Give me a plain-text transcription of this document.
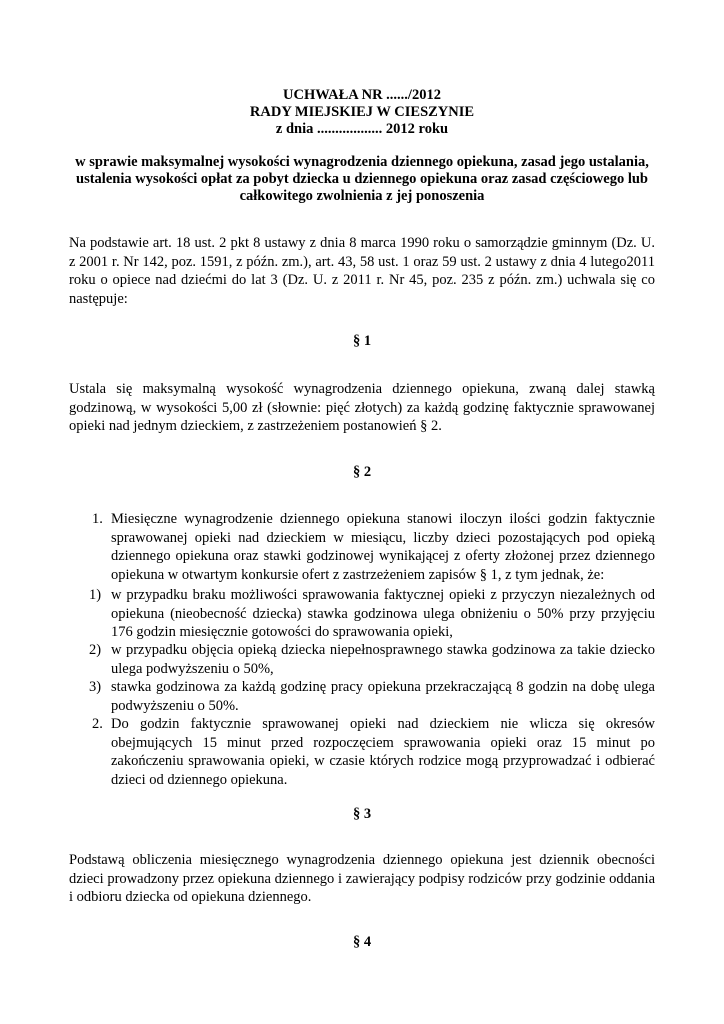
UCHWAŁA NR ....../2012
RADY MIEJSKIEJ W CIESZYNIE
z dnia .................. 2012 roku
w sprawie maksymalnej wysokości wynagrodzenia dziennego opiekuna, zasad jego ustalania,
ustalenia wysokości opłat za pobyt dziecka u dziennego opiekuna oraz zasad częściowego lub
całkowitego zwolnienia z jej ponoszenia
Na podstawie art. 18 ust. 2 pkt 8 ustawy z dnia 8 marca 1990 roku o samorządzie gminnym (Dz. U. z 2001 r. Nr 142, poz. 1591, z późn. zm.), art. 43, 58 ust. 1 oraz 59 ust. 2 ustawy z dnia 4 lutego2011 roku o opiece nad dziećmi do lat 3 (Dz. U. z 2011 r. Nr 45, poz. 235 z późn. zm.) uchwala się co następuje:
§ 1
Ustala się maksymalną wysokość wynagrodzenia dziennego opiekuna, zwaną dalej stawką godzinową, w wysokości 5,00 zł (słownie: pięć złotych) za każdą godzinę faktycznie sprawowanej opieki nad jednym dzieckiem, z zastrzeżeniem postanowień § 2.
§ 2
1. Miesięczne wynagrodzenie dziennego opiekuna stanowi iloczyn ilości godzin faktycznie sprawowanej opieki nad dzieckiem w miesiącu, liczby dzieci pozostających pod opieką dziennego opiekuna oraz stawki godzinowej wynikającej z oferty złożonej przez dziennego opiekuna w otwartym konkursie ofert z zastrzeżeniem zapisów § 1, z tym jednak, że:
1) w przypadku braku możliwości sprawowania faktycznej opieki z przyczyn niezależnych od opiekuna (nieobecność dziecka) stawka godzinowa ulega obniżeniu o 50% przy przyjęciu 176 godzin miesięcznie gotowości do sprawowania opieki,
2) w przypadku objęcia opieką dziecka niepełnosprawnego stawka godzinowa za takie dziecko ulega podwyższeniu o 50%,
3) stawka godzinowa za każdą godzinę pracy opiekuna przekraczającą 8 godzin na dobę ulega podwyższeniu o 50%.
2. Do godzin faktycznie sprawowanej opieki nad dzieckiem nie wlicza się okresów obejmujących 15 minut przed rozpoczęciem sprawowania opieki oraz 15 minut po zakończeniu sprawowania opieki, w czasie których rodzice mogą przyprowadzać i odbierać dzieci od dziennego opiekuna.
§ 3
Podstawą obliczenia miesięcznego wynagrodzenia dziennego opiekuna jest dziennik obecności dzieci prowadzony przez opiekuna dziennego i zawierający podpisy rodziców przy godzinie oddania i odbioru dziecka od opiekuna dziennego.
§ 4
